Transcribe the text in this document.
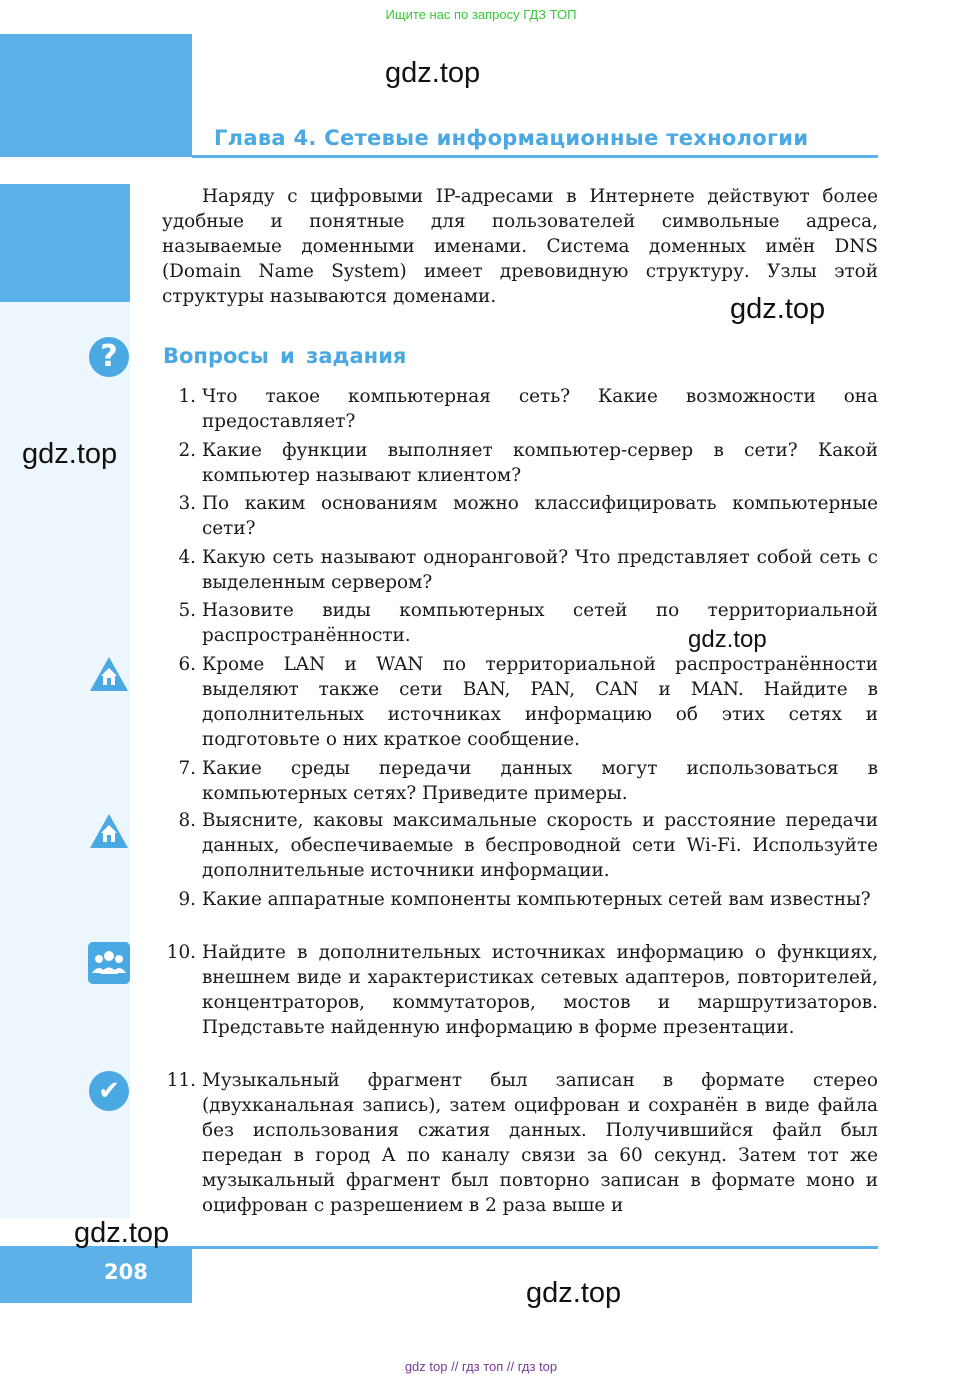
Ищите нас по запросу ГДЗ ТОП
gdz.top
Глава 4. Сетевые информационные технологии

Наряду с цифровыми IP-адресами в Интернете действуют более удобные и понятные для пользователей символьные адреса, называемые доменными именами. Система доменных имён DNS (Domain Name System) имеет древовидную структуру. Узлы этой структуры называются доменами.	gdz.top
?	Вопросы и задания
gdz.top
1. Что такое компьютерная сеть? Какие возможности она предоставляет?
2. Какие функции выполняет компьютер-сервер в сети? Какой компьютер называют клиентом?
3. По каким основаниям можно классифицировать компьютерные сети?
4. Какую сеть называют одноранговой? Что представляет собой сеть с выделенным сервером?
5. Назовите виды компьютерных сетей по территориальной распространённости.	gdz.top
6. Кроме LAN и WAN по территориальной распространённости выделяют также сети BAN, PAN, CAN и MAN. Найдите в дополнительных источниках информацию об этих сетях и подготовьте о них краткое сообщение.
7. Какие среды передачи данных могут использоваться в компьютерных сетях? Приведите примеры.
8. Выясните, каковы максимальные скорость и расстояние передачи данных, обеспечиваемые в беспроводной сети Wi-Fi. Используйте дополнительные источники информации.
9. Какие аппаратные компоненты компьютерных сетей вам известны?
10. Найдите в дополнительных источниках информацию о функциях, внешнем виде и характеристиках сетевых адаптеров, повторителей, концентраторов, коммутаторов, мостов и маршрутизаторов. Представьте найденную информацию в форме презентации.
✔	11. Музыкальный фрагмент был записан в формате стерео (двухканальная запись), затем оцифрован и сохранён в виде файла без использования сжатия данных. Получившийся файл был передан в город А по каналу связи за 60 секунд. Затем тот же музыкальный фрагмент был повторно записан в формате моно и оцифрован с разрешением в 2 раза выше и
gdz.top
208
gdz.top
gdz top // гдз топ // гдз top
